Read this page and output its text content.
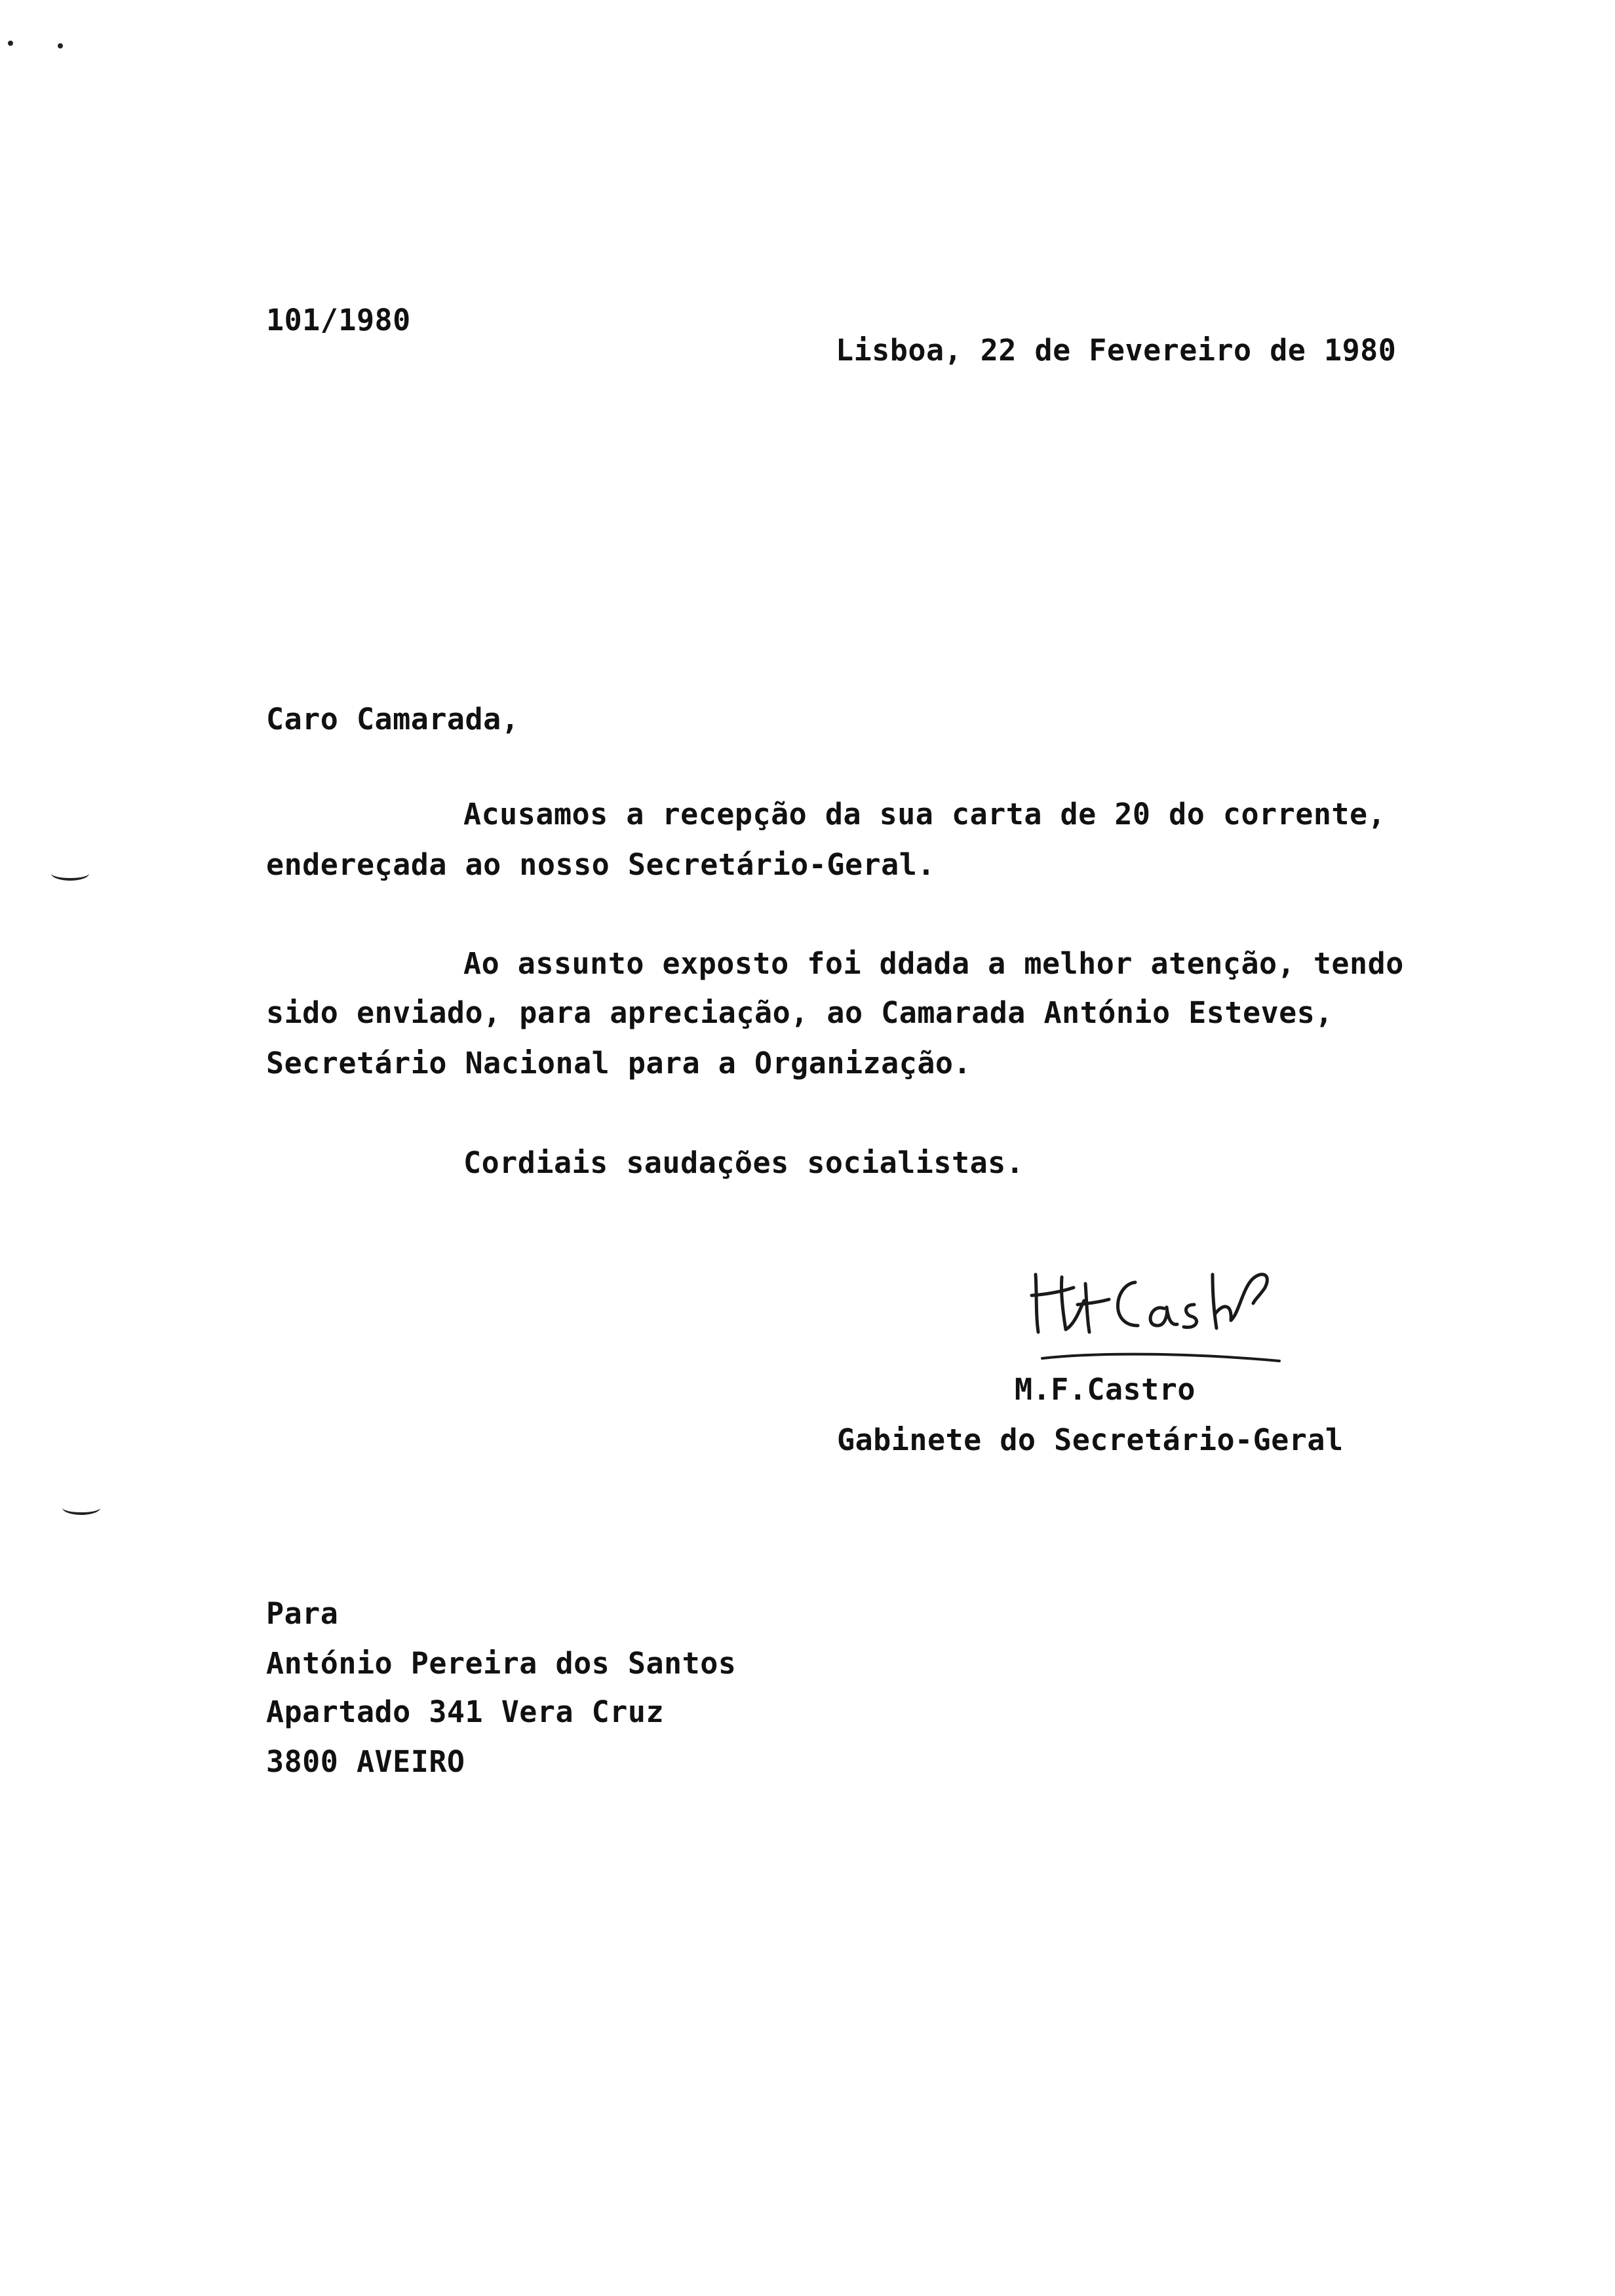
101/1980
Lisboa, 22 de Fevereiro de 1980
Caro Camarada,
Acusamos a recepção da sua carta de 20 do corrente,
endereçada ao nosso Secretário-Geral.
Ao assunto exposto foi ddada a melhor atenção, tendo
sido enviado, para apreciação, ao Camarada António Esteves,
Secretário Nacional para a Organização.
Cordiais saudações socialistas.
M.F.Castro
Gabinete do Secretário-Geral
Para
António Pereira dos Santos
Apartado 341 Vera Cruz
3800 AVEIRO
